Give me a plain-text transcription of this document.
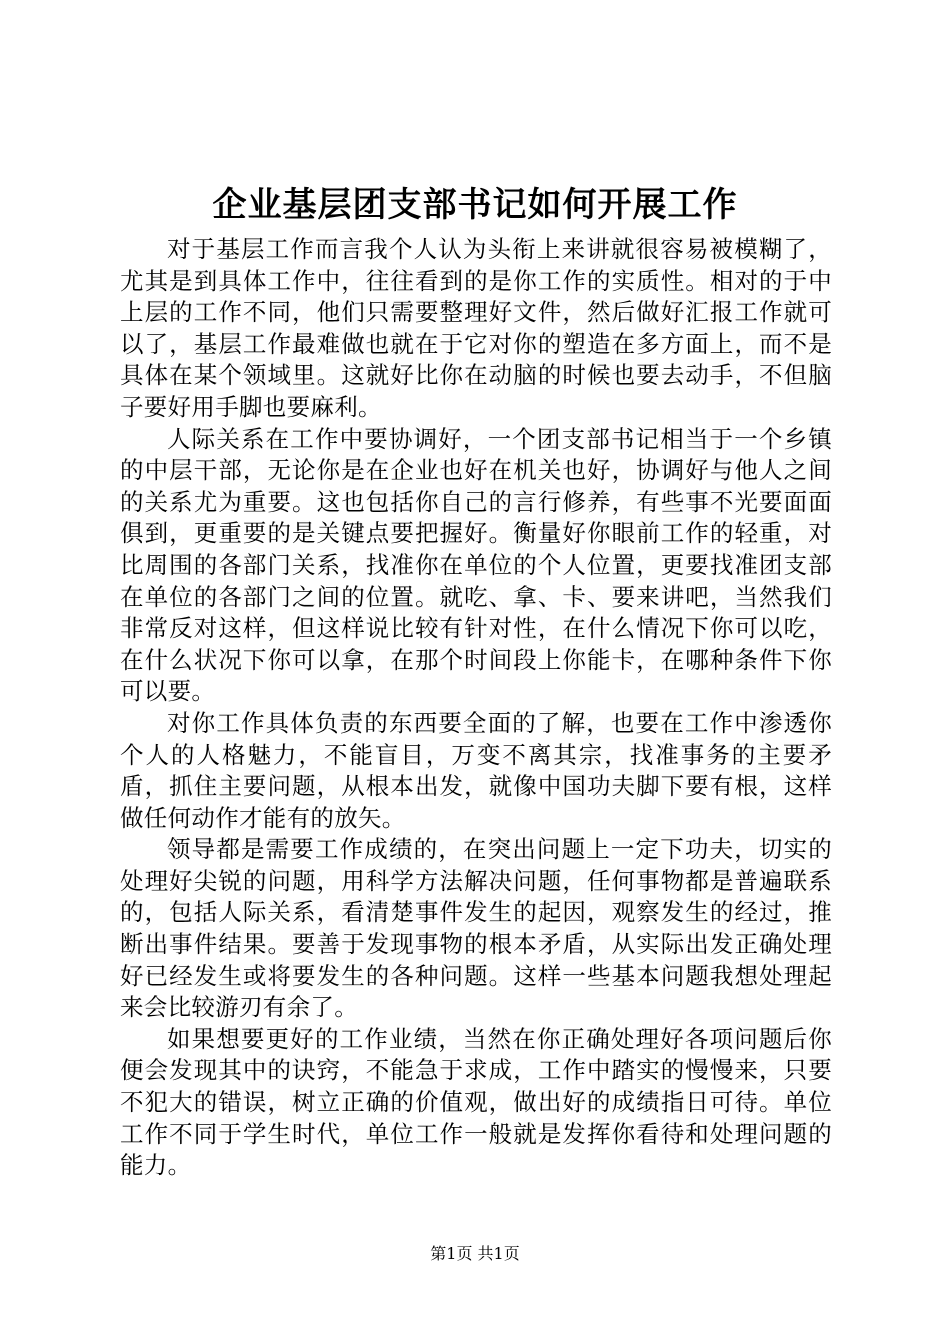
企业基层团支部书记如何开展工作

对于基层工作而言我个人认为头衔上来讲就很容易被模糊了，尤其是到具体工作中，往往看到的是你工作的实质性。相对的于中上层的工作不同，他们只需要整理好文件，然后做好汇报工作就可以了，基层工作最难做也就在于它对你的塑造在多方面上，而不是具体在某个领域里。这就好比你在动脑的时候也要去动手，不但脑子要好用手脚也要麻利。

人际关系在工作中要协调好，一个团支部书记相当于一个乡镇的中层干部，无论你是在企业也好在机关也好，协调好与他人之间的关系尤为重要。这也包括你自己的言行修养，有些事不光要面面俱到，更重要的是关键点要把握好。衡量好你眼前工作的轻重，对比周围的各部门关系，找准你在单位的个人位置，更要找准团支部在单位的各部门之间的位置。就吃、拿、卡、要来讲吧，当然我们非常反对这样，但这样说比较有针对性，在什么情况下你可以吃，在什么状况下你可以拿，在那个时间段上你能卡，在哪种条件下你可以要。

对你工作具体负责的东西要全面的了解，也要在工作中渗透你个人的人格魅力，不能盲目，万变不离其宗，找准事务的主要矛盾，抓住主要问题，从根本出发，就像中国功夫脚下要有根，这样做任何动作才能有的放矢。

领导都是需要工作成绩的，在突出问题上一定下功夫，切实的处理好尖锐的问题，用科学方法解决问题，任何事物都是普遍联系的，包括人际关系，看清楚事件发生的起因，观察发生的经过，推断出事件结果。要善于发现事物的根本矛盾，从实际出发正确处理好已经发生或将要发生的各种问题。这样一些基本问题我想处理起来会比较游刃有余了。

如果想要更好的工作业绩，当然在你正确处理好各项问题后你便会发现其中的诀窍，不能急于求成，工作中踏实的慢慢来，只要不犯大的错误，树立正确的价值观，做出好的成绩指日可待。单位工作不同于学生时代，单位工作一般就是发挥你看待和处理问题的能力。

第1页 共1页
